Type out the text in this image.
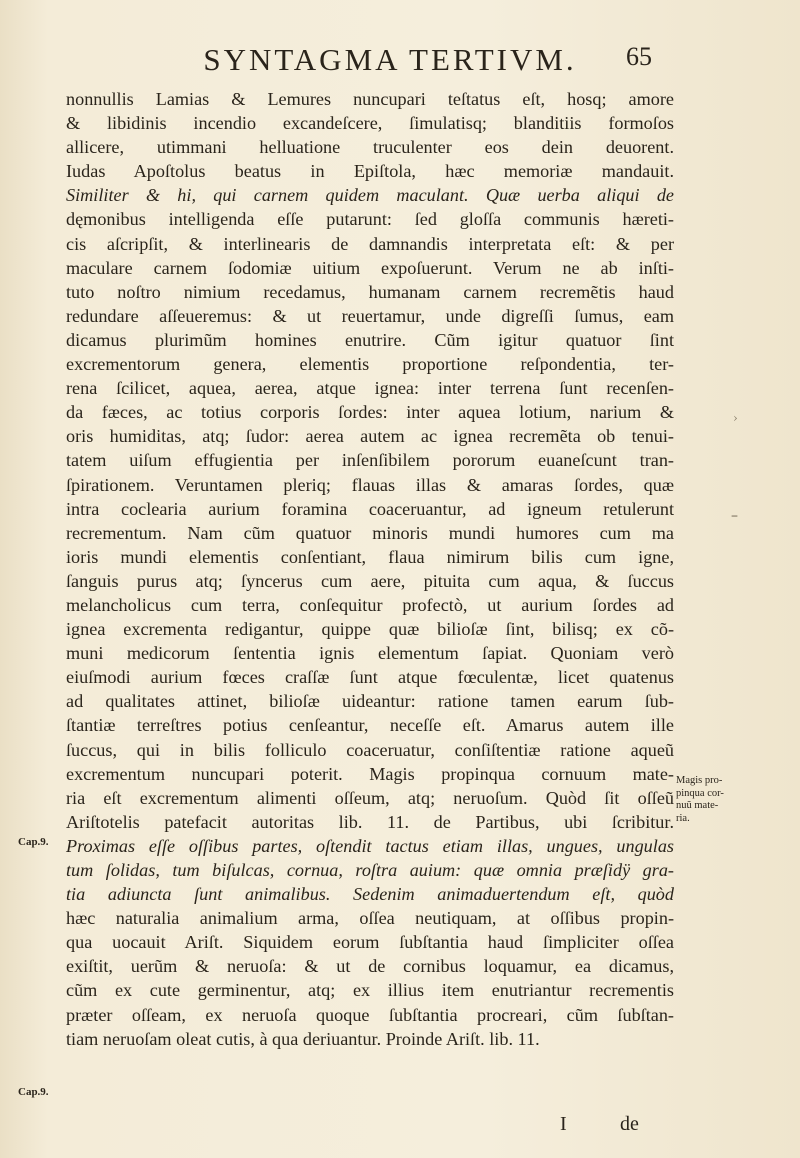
SYNTAGMA TERTIVM.	65
nonnullis Lamias & Lemures nuncupari teſtatus eſt, hosq; amore
& libidinis incendio excandeſcere, ſimulatisq; blanditiis formoſos
allicere, utimmani helluatione truculenter eos dein deuorent.
Iudas Apoſtolus beatus in Epiſtola, hæc memoriæ mandauit.
Similiter & hi, qui carnem quidem maculant. Quæ uerba aliqui de
dęmonibus intelligenda eſſe putarunt: ſed gloſſa communis hæreti-
cis aſcripſit, & interlinearis de damnandis interpretata eſt: & per
maculare carnem ſodomiæ uitium expoſuerunt. Verum ne ab inſti-
tuto noſtro nimium recedamus, humanam carnem recremẽtis haud
redundare aſſeueremus: & ut reuertamur, unde digreſſi ſumus, eam
dicamus plurimũm homines enutrire. Cũm igitur quatuor ſint
excrementorum genera, elementis proportione reſpondentia, ter-
rena ſcilicet, aquea, aerea, atque ignea: inter terrena ſunt recenſen-
da fæces, ac totius corporis ſordes: inter aquea lotium, narium &
oris humiditas, atq; ſudor: aerea autem ac ignea recremẽta ob tenui-
tatem uiſum effugientia per inſenſibilem pororum euaneſcunt tran-
ſpirationem. Veruntamen pleriq; flauas illas & amaras ſordes, quæ
intra coclearia aurium foramina coaceruantur, ad igneum retulerunt
recrementum. Nam cũm quatuor minoris mundi humores cum ma
ioris mundi elementis conſentiant, flaua nimirum bilis cum igne,
ſanguis purus atq; ſyncerus cum aere, pituita cum aqua, & ſuccus
melancholicus cum terra, conſequitur profectò, ut aurium ſordes ad
ignea excrementa redigantur, quippe quæ bilioſæ ſint, bilisq; ex cõ-
muni medicorum ſententia ignis elementum ſapiat. Quoniam verò
eiuſmodi aurium fœces craſſæ ſunt atque fœculentæ, licet quatenus
ad qualitates attinet, bilioſæ uideantur: ratione tamen earum ſub-
ſtantiæ terreſtres potius cenſeantur, neceſſe eſt. Amarus autem ille
ſuccus, qui in bilis folliculo coaceruatur, conſiſtentiæ ratione aqueũ
excrementum nuncupari poterit. Magis propinqua cornuum mate-
ria eſt excrementum alimenti oſſeum, atq; neruoſum. Quòd ſit oſſeũ
Ariſtotelis patefacit autoritas lib. 11. de Partibus, ubi ſcribitur.
Proximas eſſe oſſibus partes, oſtendit tactus etiam illas, ungues, ungulas
tum ſolidas, tum biſulcas, cornua, roſtra auium: quæ omnia præſidÿ gra-
tia adiuncta ſunt animalibus. Sedenim animaduertendum eſt, quòd
hæc naturalia animalium arma, oſſea neutiquam, at oſſibus propin-
qua uocauit Ariſt. Siquidem eorum ſubſtantia haud ſimpliciter oſſea
exiſtit, uerũm & neruoſa: & ut de cornibus loquamur, ea dicamus,
cũm ex cute germinentur, atq; ex illius item enutriantur recrementis
præter oſſeam, ex neruoſa quoque ſubſtantia procreari, cũm ſubſtan-
tiam neruoſam oleat cutis, à qua deriuantur. Proinde Ariſt. lib. 11.
›
–
Magis pro-
pinqua cor-
nuũ mate-
ria.
Cap.9.
Cap.9.
I	de
